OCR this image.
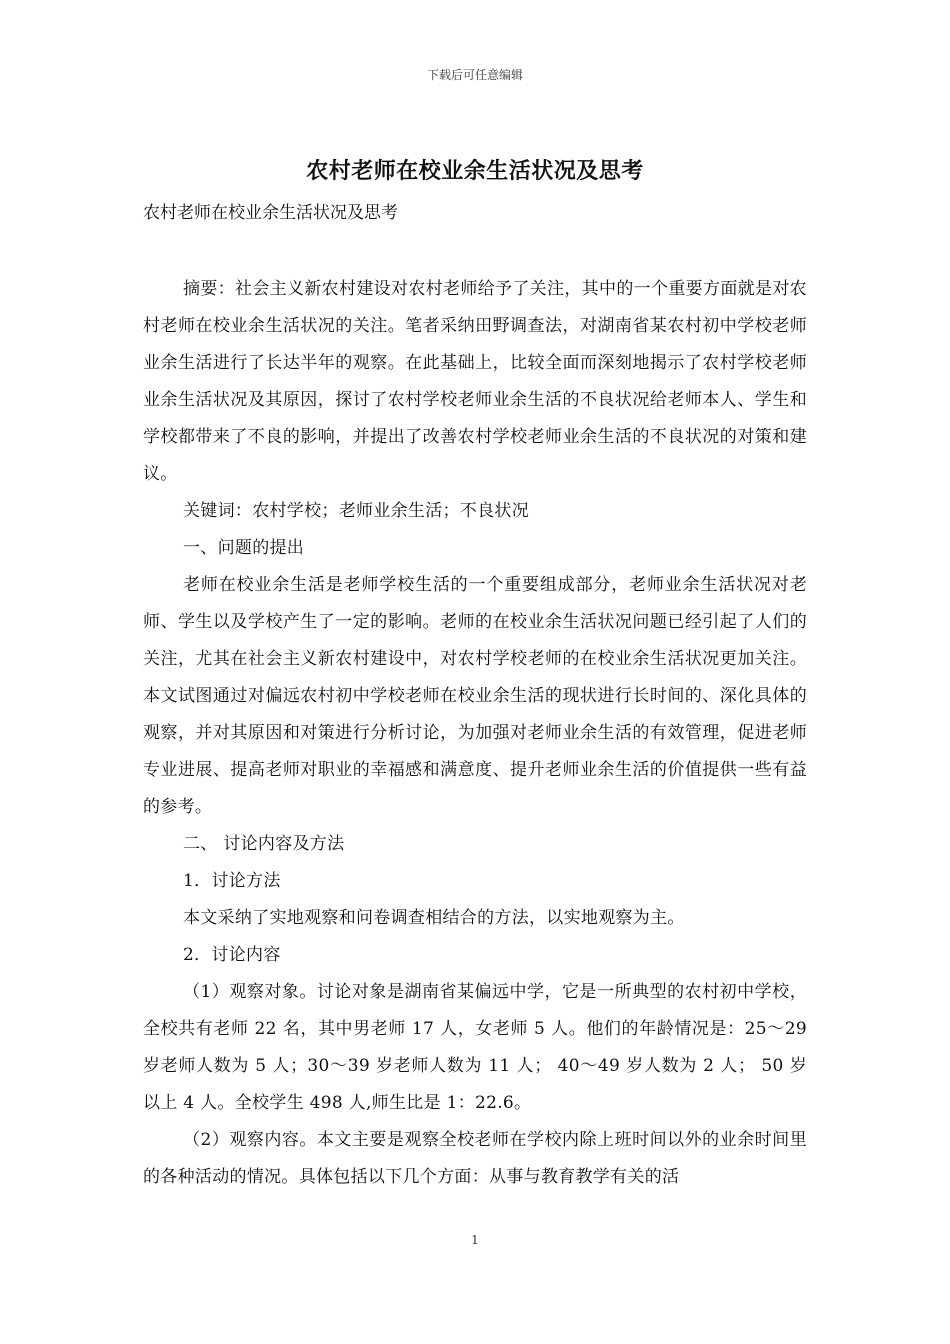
下载后可任意编辑
农村老师在校业余生活状况及思考
农村老师在校业余生活状况及思考

摘要：社会主义新农村建设对农村老师给予了关注，其中的一个重要方面就是对农村老师在校业余生活状况的关注。笔者采纳田野调查法，对湖南省某农村初中学校老师业余生活进行了长达半年的观察。在此基础上，比较全面而深刻地揭示了农村学校老师业余生活状况及其原因，探讨了农村学校老师业余生活的不良状况给老师本人、学生和学校都带来了不良的影响，并提出了改善农村学校老师业余生活的不良状况的对策和建议。

关键词：农村学校；老师业余生活；不良状况

一、问题的提出

老师在校业余生活是老师学校生活的一个重要组成部分，老师业余生活状况对老师、学生以及学校产生了一定的影响。老师的在校业余生活状况问题已经引起了人们的关注，尤其在社会主义新农村建设中，对农村学校老师的在校业余生活状况更加关注。本文试图通过对偏远农村初中学校老师在校业余生活的现状进行长时间的、深化具体的观察，并对其原因和对策进行分析讨论，为加强对老师业余生活的有效管理，促进老师专业进展、提高老师对职业的幸福感和满意度、提升老师业余生活的价值提供一些有益的参考。

二、 讨论内容及方法

1．讨论方法

本文采纳了实地观察和问卷调查相结合的方法，以实地观察为主。

2．讨论内容

（1）观察对象。讨论对象是湖南省某偏远中学，它是一所典型的农村初中学校，全校共有老师 22 名，其中男老师 17 人，女老师 5 人。他们的年龄情况是：25～29 岁老师人数为 5 人；30～39 岁老师人数为 11 人； 40～49 岁人数为 2 人； 50 岁以上 4 人。全校学生 498 人,师生比是 1：22.6。

（2）观察内容。本文主要是观察全校老师在学校内除上班时间以外的业余时间里的各种活动的情况。具体包括以下几个方面：从事与教育教学有关的活

1
